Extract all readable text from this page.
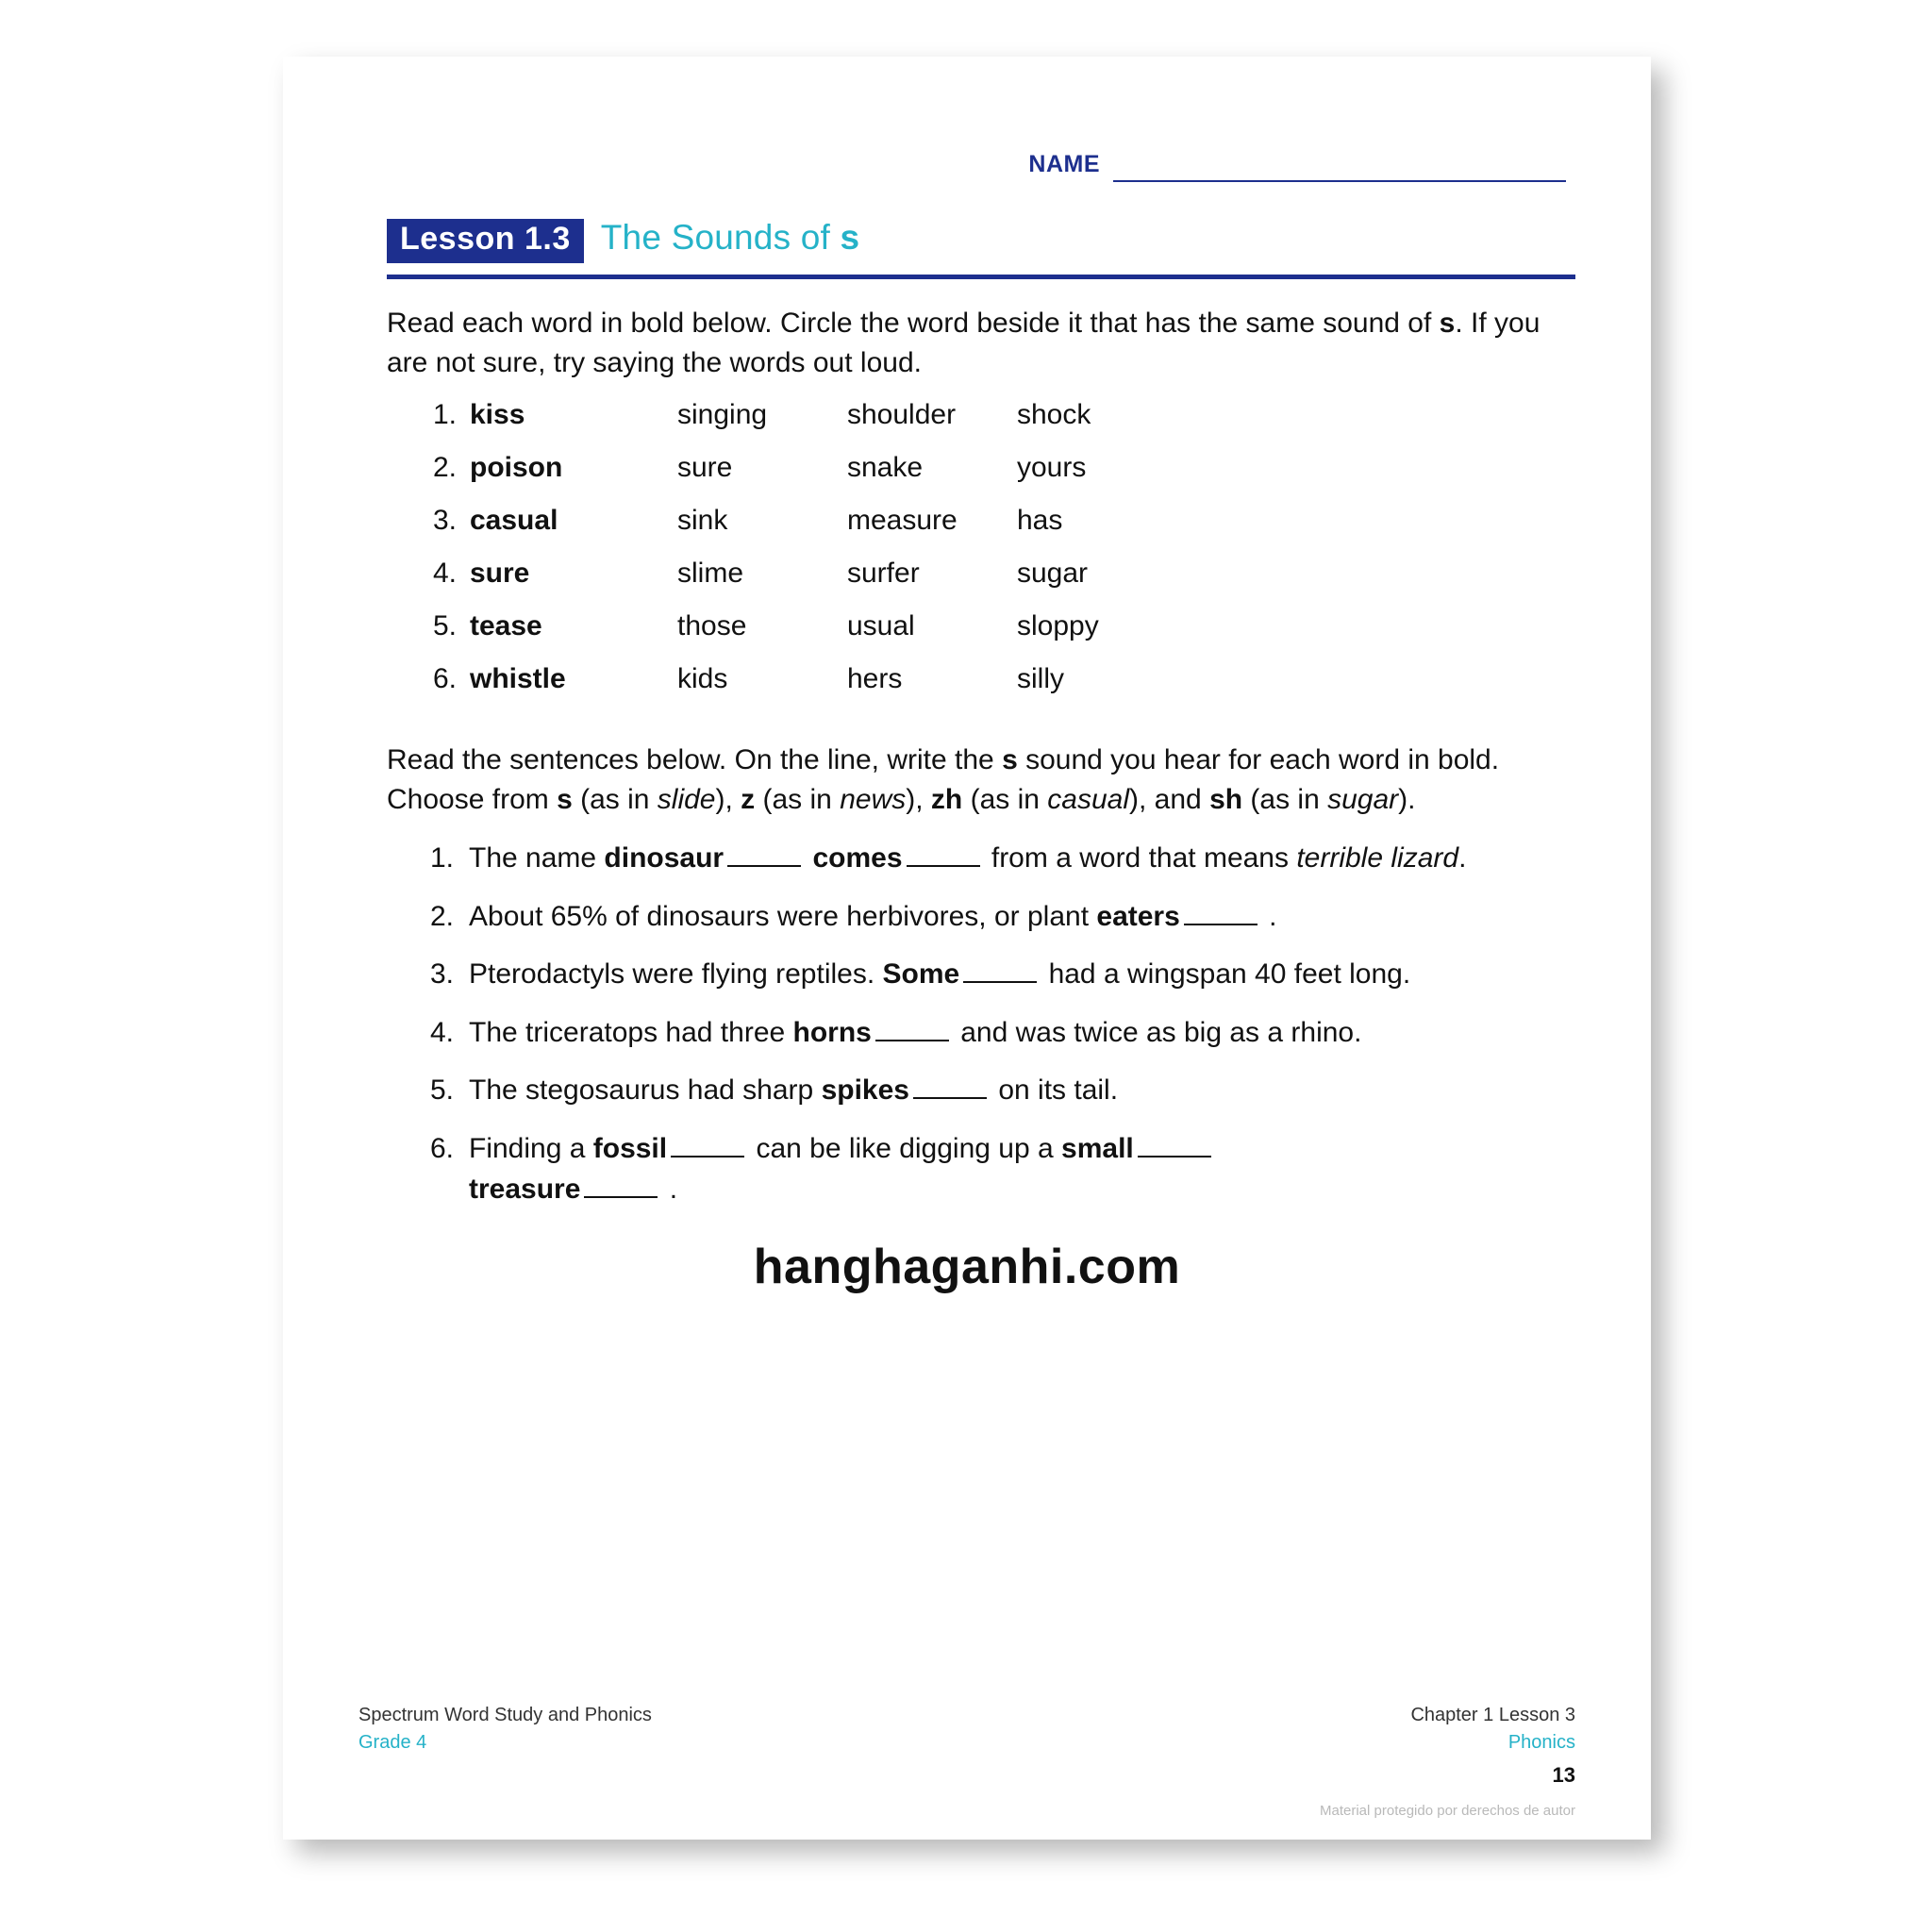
NAME
Lesson 1.3 The Sounds of s
Read each word in bold below. Circle the word beside it that has the same sound of s. If you are not sure, try saying the words out loud.
1. kiss	singing	shoulder	shock
2. poison	sure	snake	yours
3. casual	sink	measure	has
4. sure	slime	surfer	sugar
5. tease	those	usual	sloppy
6. whistle	kids	hers	silly
Read the sentences below. On the line, write the s sound you hear for each word in bold. Choose from s (as in slide), z (as in news), zh (as in casual), and sh (as in sugar).
1. The name dinosaur	comes	from a word that means terrible lizard.
2. About 65% of dinosaurs were herbivores, or plant eaters	.
3. Pterodactyls were flying reptiles. Some	had a wingspan 40 feet long.
4. The triceratops had three horns	and was twice as big as a rhino.
5. The stegosaurus had sharp spikes	on its tail.
6. Finding a fossil	can be like digging up a small
treasure	.
hanghaganhi.com
Spectrum Word Study and Phonics
Grade 4
Chapter 1 Lesson 3
Phonics
13
Material protegido por derechos de autor
